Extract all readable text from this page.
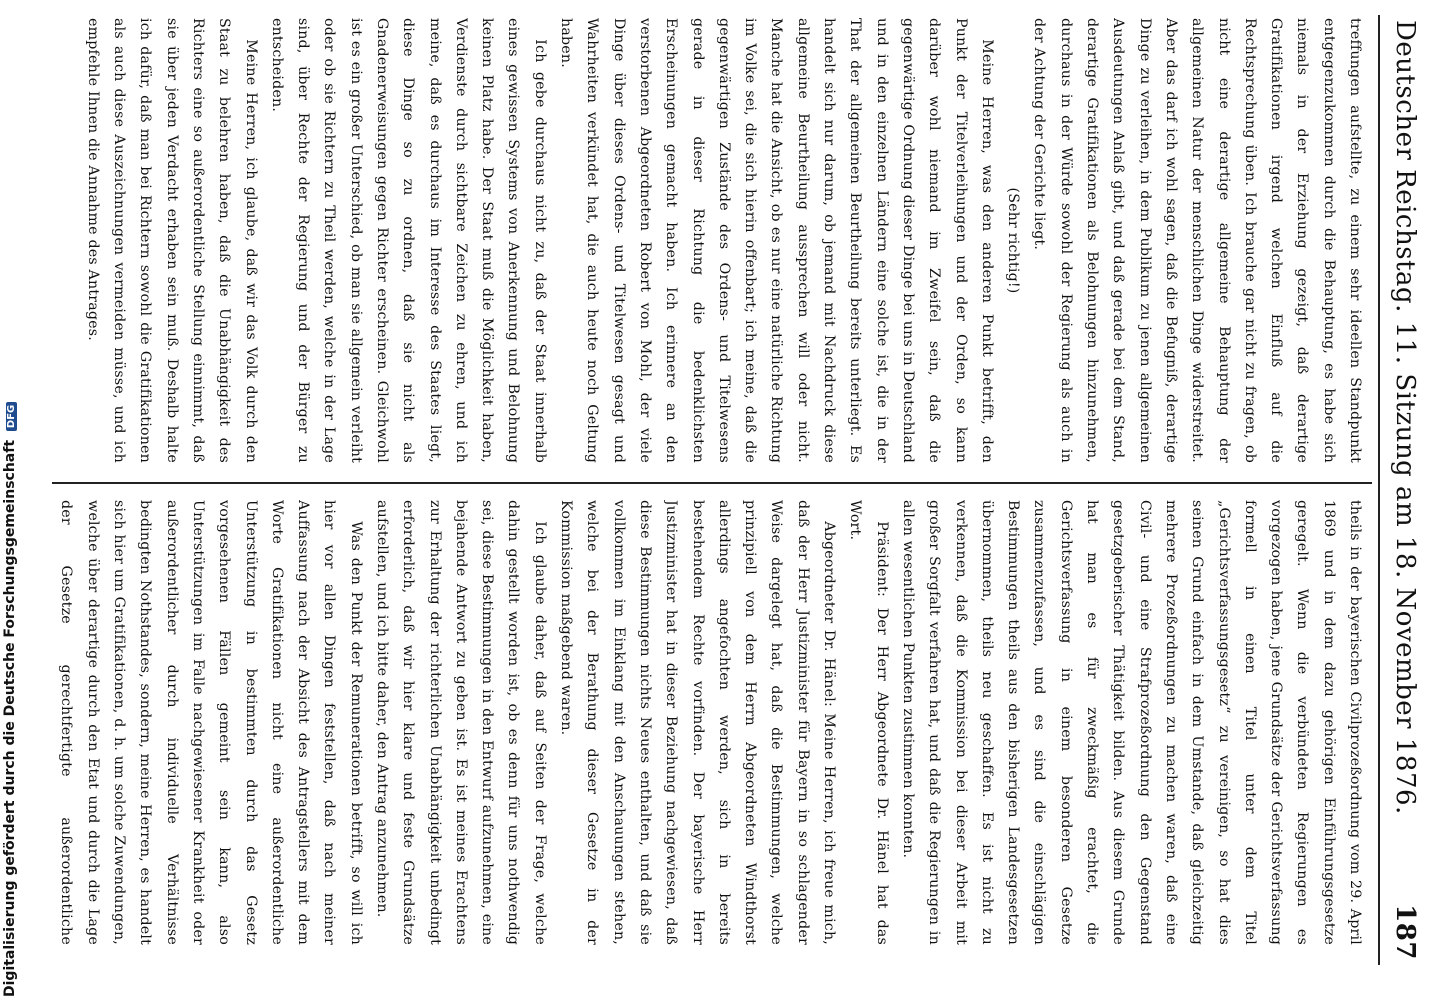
Deutscher Reichstag. 11. Sitzung am 18. November 1876.
187

treffungen aufstellte, zu einem sehr ideellen Standpunkt entgegenzukommen durch die Behauptung, es habe sich niemals in der Erziehung gezeigt, daß derartige Gratifikationen irgend welchen Einfluß auf die Rechtsprechung üben. Ich brauche gar nicht zu fragen, ob nicht eine derartige allgemeine Behauptung der allgemeinen Natur der menschlichen Dinge widerstreitet. Aber das darf ich wohl sagen, daß die Befugniß, derartige Dinge zu verleihen, in dem Publikum zu jenen allgemeinen Ausdeutungen Anlaß gibt, und daß gerade bei dem Stand, derartige Gratifikationen als Belohnungen hinzunehmen, durchaus in der Würde sowohl der Regierung als auch in der Achtung der Gerichte liegt.

(Sehr richtig!)

Meine Herren, was den anderen Punkt betrifft, den Punkt der Titelverleihungen und der Orden, so kann darüber wohl niemand im Zweifel sein, daß die gegenwärtige Ordnung dieser Dinge bei uns in Deutschland und in den einzelnen Ländern eine solche ist, die in der That der allgemeinen Beurtheilung bereits unterliegt. Es handelt sich nur darum, ob jemand mit Nachdruck diese allgemeine Beurtheilung aussprechen will oder nicht. Manche hat die Ansicht, ob es nur eine natürliche Richtung im Volke sei, die sich hierin offenbart; ich meine, daß die gegenwärtigen Zustände des Ordens- und Titelwesens gerade in dieser Richtung die bedenklichsten Erscheinungen gemacht haben. Ich erinnere an den verstorbenen Abgeordneten Robert von Mohl, der viele Dinge über dieses Ordens- und Titelwesen gesagt und Wahrheiten verkündet hat, die auch heute noch Geltung haben.

Ich gebe durchaus nicht zu, daß der Staat innerhalb eines gewissen Systems von Anerkennung und Belohnung keinen Platz habe. Der Staat muß die Möglichkeit haben, Verdienste durch sichtbare Zeichen zu ehren, und ich meine, daß es durchaus im Interesse des Staates liegt, diese Dinge so zu ordnen, daß sie nicht als Gnadenerweisungen gegen Richter erscheinen. Gleichwohl ist es ein großer Unterschied, ob man sie allgemein verleiht oder ob sie Richtern zu Theil werden, welche in der Lage sind, über Rechte der Regierung und der Bürger zu entscheiden.

Meine Herren, ich glaube, daß wir das Volk durch den Staat zu belehren haben, daß die Unabhängigkeit des Richters eine so außerordentliche Stellung einnimmt, daß sie über jeden Verdacht erhaben sein muß. Deshalb halte ich dafür, daß man bei Richtern sowohl die Gratifikationen als auch diese Auszeichnungen vermeiden müsse, und ich empfehle Ihnen die Annahme des Antrages.

theils in der bayerischen Civilprozeßordnung vom 29. April 1869 und in dem dazu gehörigen Einführungsgesetze geregelt. Wenn die verbündeten Regierungen es vorgezogen haben, jene Grundsätze der Gerichtsverfassung formell in einen Titel unter dem Titel „Gerichtsverfassungsgesetz“ zu vereinigen, so hat dies seinen Grund einfach in dem Umstande, daß gleichzeitig mehrere Prozeßordnungen zu machen waren, daß eine Civil- und eine Strafprozeßordnung den Gegenstand gesetzgeberischer Thätigkeit bilden. Aus diesem Grunde hat man es für zweckmäßig erachtet, die Gerichtsverfassung in einem besonderen Gesetze zusammenzufassen, und es sind die einschlägigen Bestimmungen theils aus den bisherigen Landesgesetzen übernommen, theils neu geschaffen. Es ist nicht zu verkennen, daß die Kommission bei dieser Arbeit mit großer Sorgfalt verfahren hat, und daß die Regierungen in allen wesentlichen Punkten zustimmen konnten.

Präsident: Der Herr Abgeordnete Dr. Hänel hat das Wort.

Abgeordneter Dr. Hänel: Meine Herren, ich freue mich, daß der Herr Justizminister für Bayern in so schlagender Weise dargelegt hat, daß die Bestimmungen, welche prinzipiell von dem Herrn Abgeordneten Windthorst allerdings angefochten werden, sich in bereits bestehendem Rechte vorfinden. Der bayerische Herr Justizminister hat in dieser Beziehung nachgewiesen, daß diese Bestimmungen nichts Neues enthalten, und daß sie vollkommen im Einklang mit den Anschauungen stehen, welche bei der Berathung dieser Gesetze in der Kommission maßgebend waren.

Ich glaube daher, daß auf Seiten der Frage, welche dahin gestellt worden ist, ob es denn für uns nothwendig sei, diese Bestimmungen in den Entwurf aufzunehmen, eine bejahende Antwort zu geben ist. Es ist meines Erachtens zur Erhaltung der richterlichen Unabhängigkeit unbedingt erforderlich, daß wir hier klare und feste Grundsätze aufstellen, und ich bitte daher, den Antrag anzunehmen.

Was den Punkt der Remunerationen betrifft, so will ich hier vor allen Dingen feststellen, daß nach meiner Auffassung nach der Absicht des Antragstellers mit dem Worte Gratifikationen nicht eine außerordentliche Unterstützung in bestimmten durch das Gesetz vorgesehenen Fällen gemeint sein kann, also Unterstützungen im Falle nachgewiesener Krankheit oder außerordentlicher durch individuelle Verhältnisse bedingten Nothstandes, sondern, meine Herren, es handelt sich hier um Gratifikationen, d. h. um solche Zuwendungen, welche über derartige durch den Etat und durch die Lage der Gesetze gerechtfertigte außerordentliche

Digitalisierung gefördert durch die Deutsche Forschungsgemeinschaft DFG
